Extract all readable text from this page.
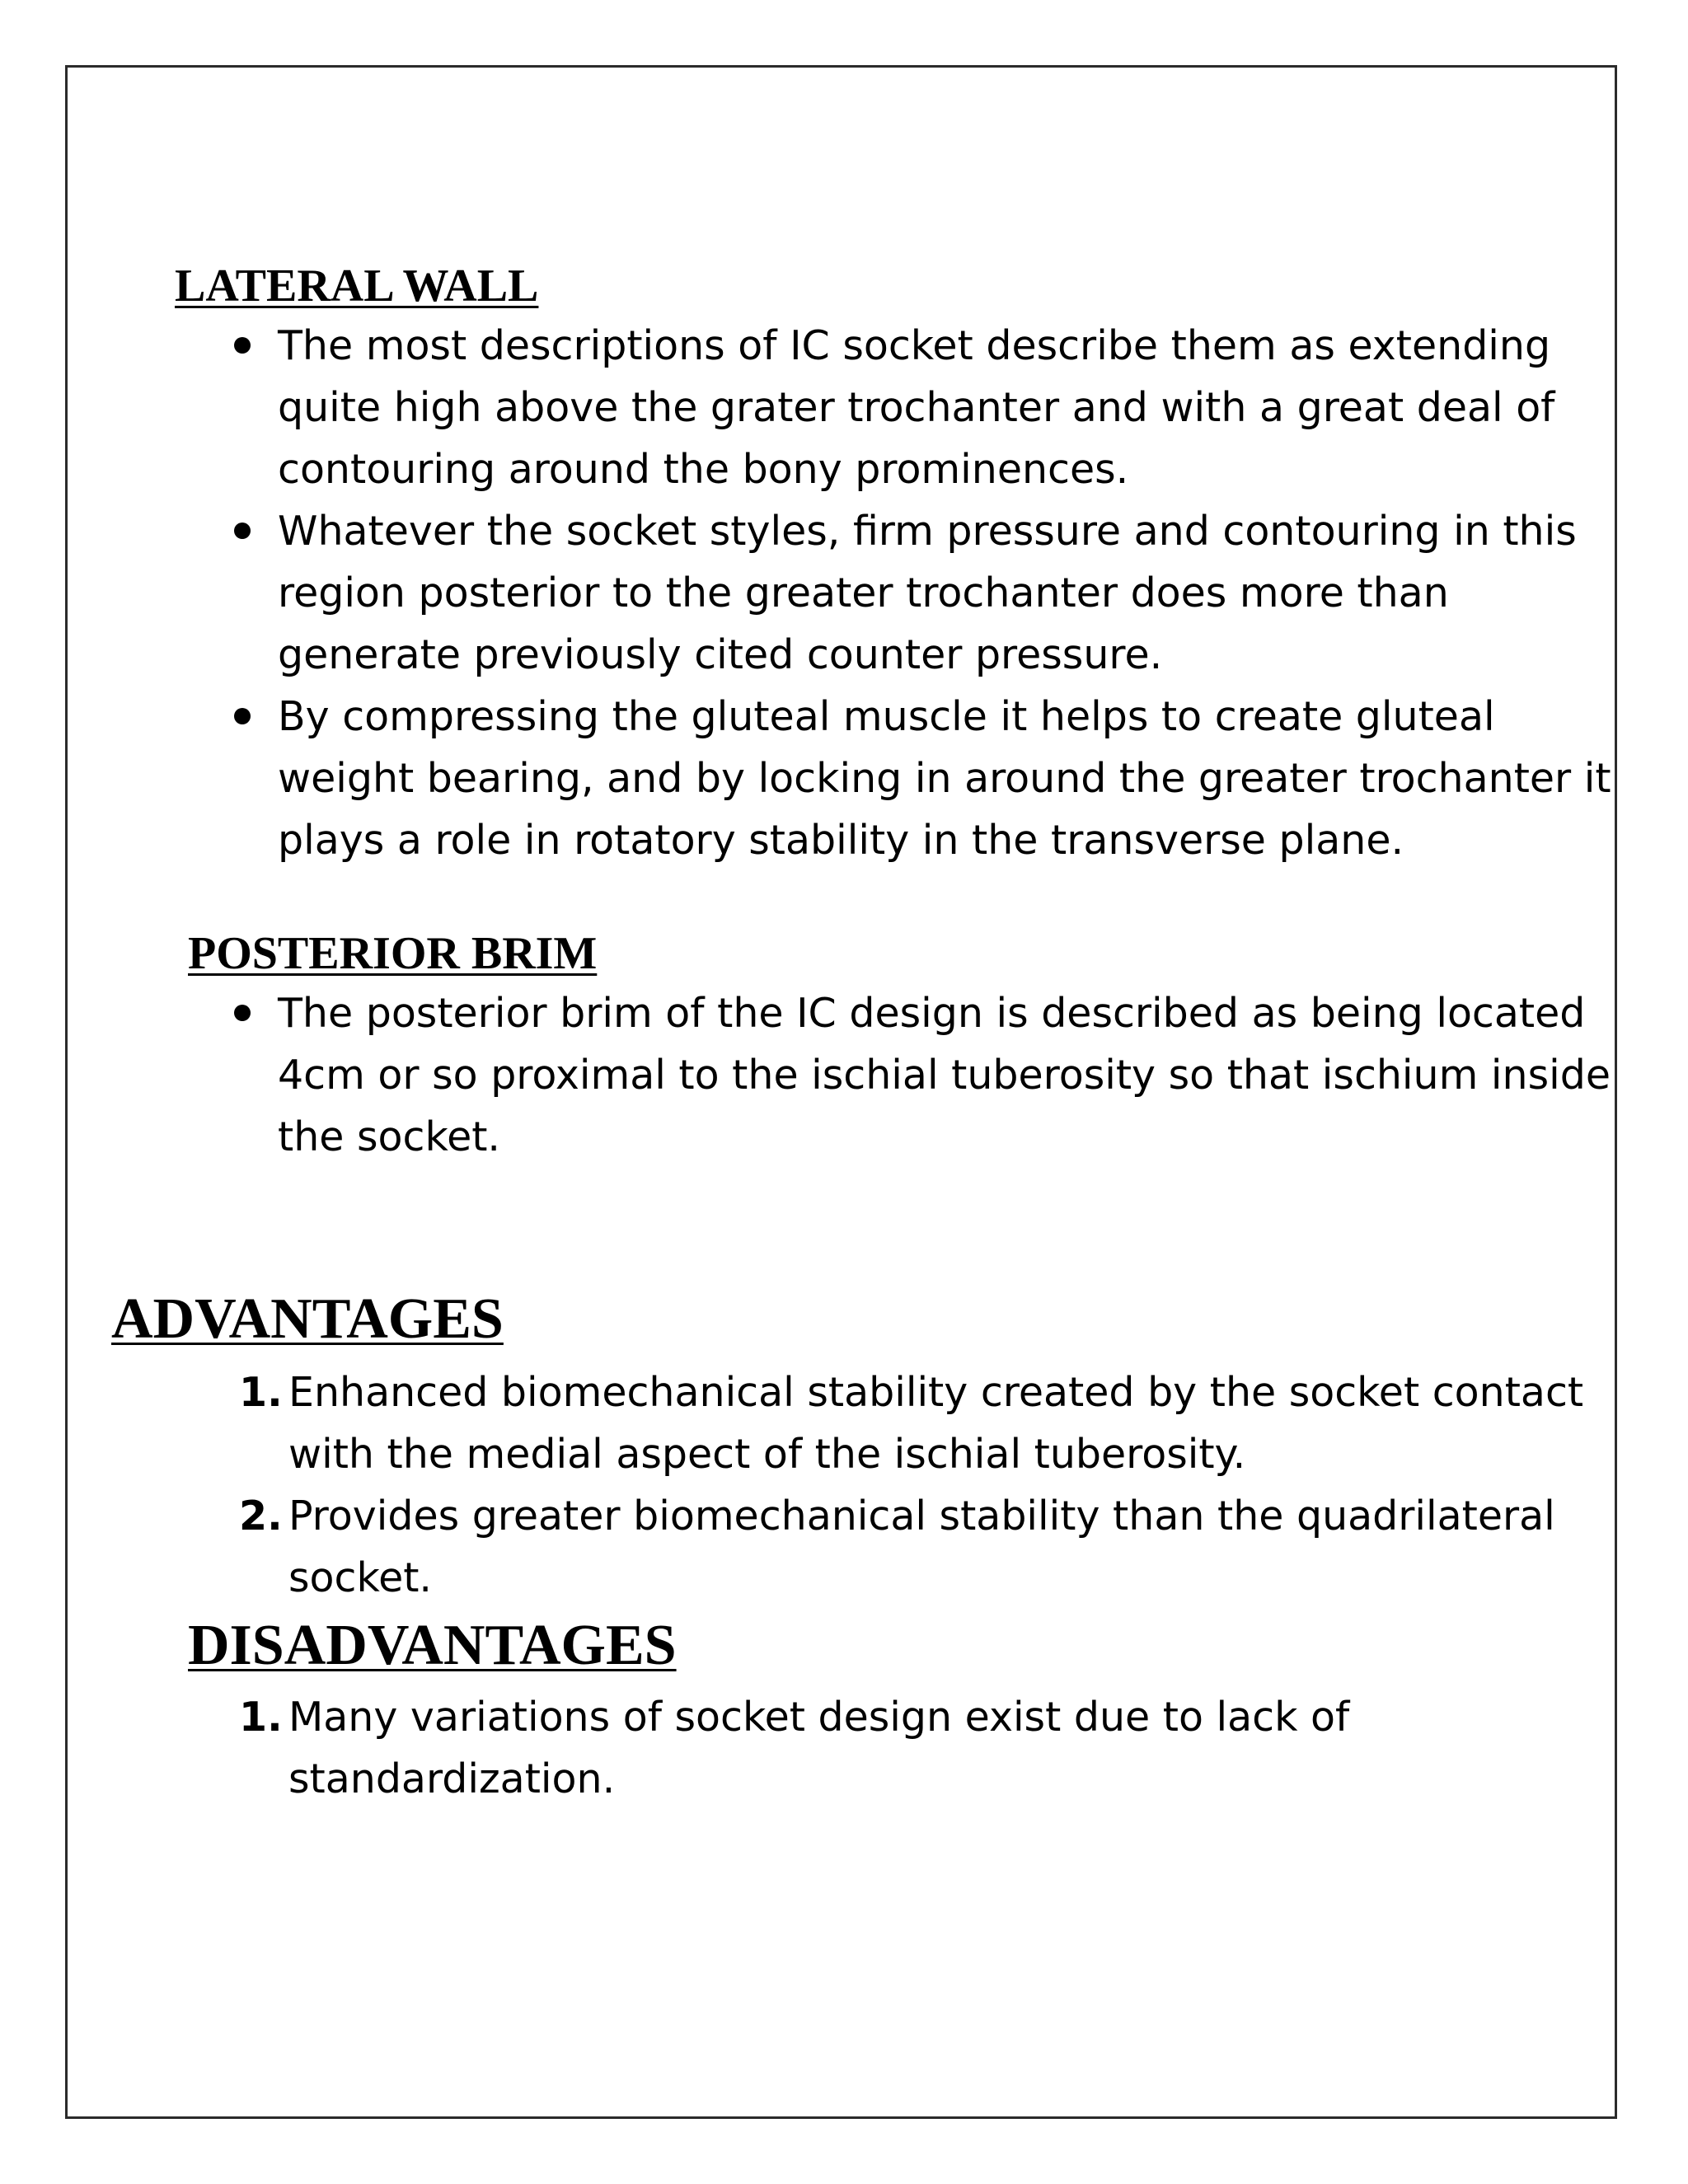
LATERAL WALL
The most descriptions of IC socket describe them as extending quite high above the grater trochanter and with a great deal of contouring around the bony prominences.
Whatever the socket styles, firm pressure and contouring in this region posterior to the greater trochanter does more than generate previously cited counter pressure.
By compressing the gluteal muscle it helps to create gluteal weight bearing, and by locking in around the greater trochanter it plays a role in rotatory stability in the transverse plane.
POSTERIOR BRIM
The posterior brim of the IC design is described as being located 4cm or so proximal to the ischial tuberosity so that ischium inside the socket.
ADVANTAGES
1. Enhanced biomechanical stability created by the socket contact with the medial aspect of the ischial tuberosity.
2. Provides greater biomechanical stability than the quadrilateral socket.
DISADVANTAGES
1. Many variations of socket design exist due to lack of standardization.
